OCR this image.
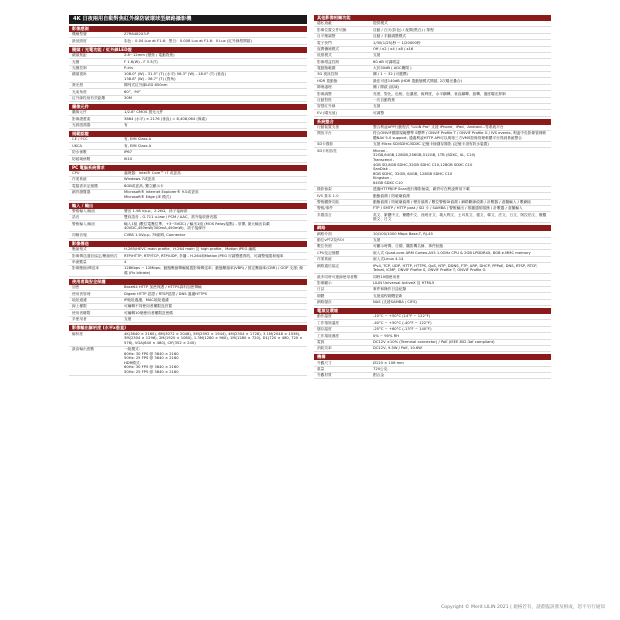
4K 日夜兩用自動對焦紅外線防破壞球型網路攝影機
影像感測
機種型號	Z7R6482X3-P
最低照度	彩色：0.04 Lux at F1.6；黑白：0.008 Lux at F1.6；0 Lux (紅外線燈開啟)
鏡頭 / 光電功能 / 紅外線LED燈
鏡頭焦距	2.8~12mm (變焦 / 電動對焦)
光圈	F 1.6(W) - F 3.3(T)
光圈控制	P-Iris
鏡頭視角	108.0° (W) - 31.5° (T) (水平) 56.3° (W) - 18.0° (T) (垂直)
138.8° (W) - 36.7° (T) (對角)
發光燈	陣列式紅外線LED 850nm
光束角度	60°，90°
紅外線投射有效距離	30M
攝像元件
攝像元件	1/2.8" CMOS 感光元件
影像總畫素	3864 (水平) × 2176 (垂直) = 8,408,064 (像素)
光源感測器	有
規範認證
CE / FCC	有, EMI Class A
UKCA	有, EMI Class A
防水係數	IP67
防破壞係數	IK10
PC 電腦系統需求
CPU	處理器：Intel® Core™ i7 或更高
作業系統	Windows 7或更高
電腦需求記憶體	8GB或更高, 獨立顯示卡
網頁瀏覽器	Microsoft® Internet Explorer® 9.0或更高
Microsoft® Edge (IE 模式)
輸入 / 輸出
警報輸入/輸出	聲音 1.98 Vp-p，2.2KΩ，終子接線兩
語音	雙向語音 - G.711 u-law / PCM / AAC，需外接收發音器
警報輸入/輸出	輸入1組 (數位電壓位準，+3~5VDC) / 輸出1組 (MOS Relay接點) - 常開, 最大輸出負載 40VDC,450mW(300mA,450mW)，終子接線序
同軸音頻	CVBS 1.0Vp-p, 75歐姆, Connector
影像傳送
壓縮格式	H.265/HEVC main profile、H.264 main 及 high profile、Motion JPEG 編碼
影像傳送通信協定/壓縮格式	RTP/HTTP, RTP/TCP, RTP/UDP, 多播 - H.264和Motion JPEG 可調整畫質的，可調整頻寬和頻率
串流數量	4
影像壓縮/傳送率	128Kbps ~ 12Mbps；動態壓縮傳輸頻寬影像傳送率；動態壓縮率(VBR) / 固定壓縮率(CBR) / GOP 支援; 條碼 (Fix bitrate)
使用者與安全保護
加密	Base64 HTTP 加密保護 / HTTPS資料加密傳輸
使用者管理	Digest HTTP 認證 / RTSP認證 / DNS 過濾HTTPS
地址過濾	IP地址過濾，MAC地址過濾
線上權限	可編輯不同使用者權限及設置
使用者權限	可編輯10個使用者權限及密碼
多使用者	支援
影像輸出解析度 (水平x垂直)
解析度	4K(3840 × 2160), 6M(3072 × 2048), 5M(2592 × 1944), 4M(2304 × 1728), 3.1M(2048 × 1536), 3M(2304 × 1296), 2M(1920 × 1080), 1.3M(1280 × 960), 1M(1280 × 720), D1(720 × 480, 720 × 576), VGA(640 × 480), CIF(352 × 240)
最高輸出張數	一組模式：
60Hz: 30 FPS @ 3840 × 2160
50Hz: 25 FPS @ 3840 × 2160
HDR模式：
60Hz: 30 FPS @ 3840 × 2160
50Hz: 25 FPS @ 3840 × 2160
其他影像相關功能
隱私遮蔽	提供模式
影像位置文件切換	自動 / 白天(彩色) / 夜間(黑白) / 排程
自平衡調整	自動 / 手動調整模式
電子快門	1/30(1/25)秒 ~ 1/20000秒
夜間彌補模式	Off / x2 / x4 / x8 / x16
低照模式	支援
影像增益控制	60 dB 可調增益
寬動態範圍	大於50dB ( AGC關閉 )
3D 視訊控制	關 / 1 ~ 32 (可選擇)
HDR 寬動態	最佳可達140dB (HDR 寬動態模式開啟, 2次曝光疊合)
降噪處理	關 / 開啟 (區域)
影像調整	亮度，對比，色相，色濃度，銳利度，水平翻轉，垂直翻轉，旋轉，過度曝光抑制
自動對焦	一次自動對焦
智慧紅外線	支援
EV (曝光值)	可調整
系統整合
行動裝置支援	整合利凌APP行動程式 "LILIN Pro" 支援 iPhone、iPad、Android...等系統平台
開放平台	符合ONVIF國際規範標準 S標準 / ONVIF Profile T / ONVIF Profile G / IVS events, 利凌中央影像管理軟體NAV 5.0 support, 通過利凌HTTP API可以與第三方VMS影像管理軟體平台得到系統整合
SD卡錄影	支援 Micro SD/SDHC/SDXC 記憶卡檢儲存錄影 (記憶卡須有防水裝置)
SD卡相容性	Micron -
32GB,64GB,128GB,256GB,512GB, 1TB (SDXC, UL, C10)
Transcend -
4GB SD,8GB SDHC,32GB SDHC C10,128GB SDXC C10
SanDisk -
8GB SDHC, 32GB, 64GB, 128GB SDHC C10
Kingston -
64GB SDXC C10
錄影檢索	透過HTTP和IP Scan進行錄影檢索，網頁可在利凌實用下載
IVS 基本 1.0	動態偵測 / 防破壞偵測
警報觸發功能	動態偵測 / 防破壞偵測 / 聲音偵測 / 數位警報DI偵測 / 網路斷線偵測 / 計數器 / 虛擬輸入 / 數網區
警報/事件	FTP / SMTP / HTTP post / SD 卡 / SAMBA / 警報輸出 / 推播通知服務 / 計數器 / 虛擬輸入
多國語言	英文、繁體中文、簡體中文、西班牙文、義大利文、土耳其文、德文、韓文、法文、日文、阿拉伯文、俄羅斯文、日文
網路
網路介面	10/100/1000 Mbps Base-T, RJ-45
動位vPTZ及ROI	支援
數位快照	可顯示時間、日期、攝影機名稱、事件狀態
CPU及記憶體	嵌入式 Quad-core ARM Cortex-A53 1.0GHz CPU & 2GB LPDDR4X, 8GB e.MMC memory
作業系統	嵌入式Linux 4.14
網路通信協定	IPv4, TCP, UDP, HTTP, HTTPS, QoS, NTP, DDNS, FTP, ARP, DHCP, PPPoE, DNS, RTSP, RTCP, Telnet, ICMP, ONVIF Profile S, ONVIF Profile T, ONVIF Profile G
最多同時可連線使用者數	同時10個使用者
影像顯示	LILIN Universal ActiveX 及 HTML5
日誌	事件和操作日誌紀錄
韌體	支援遠程韌體更新
網路儲存	NAS (支援SAMBA / CIFS)
電源及環境
動作溫度	-10°C ~ +50°C (14°F ~ 122°F)
工作環境溫度	-40°C ~ +50°C (-40°F ~ 122°F)
儲存溫度	-25°C ~ +60°C (-13°F ~ 140°F)
工作環境濕度	0% ~ 90% RH
電源	DC12V ±10% (Terminal connector) / PoE (IEEE 802.3af compliant)
消耗功率	DC12V, 9.5W / PoE, 10.6W
機構
外觀尺寸	Ø120 × 106 mm
重量	720公克
外觀材質	鋁合金
Copyright © Merit LILIN 2021 | 規格若有，請蒞臨該發及相成，恕不另行通知
